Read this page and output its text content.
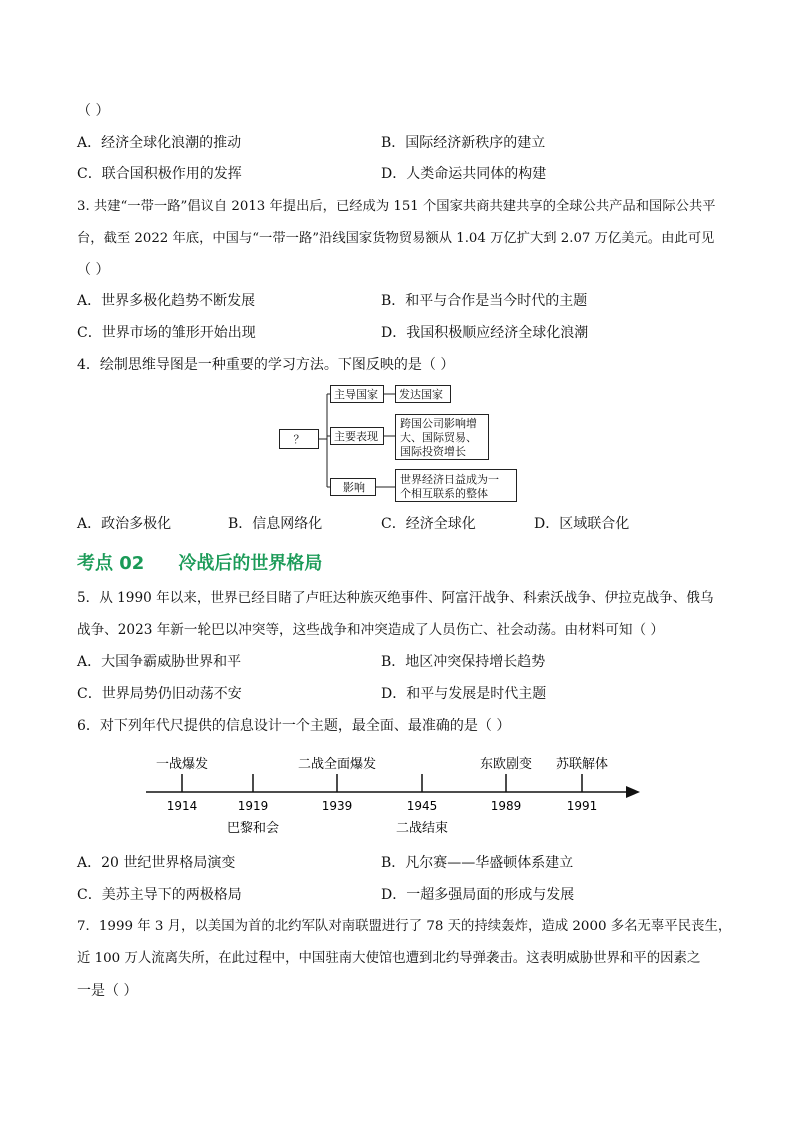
（ ）
A．经济全球化浪潮的推动	B．国际经济新秩序的建立
C．联合国积极作用的发挥	D．人类命运共同体的构建
3. 共建“一带一路”倡议自 2013 年提出后，已经成为 151 个国家共商共建共享的全球公共产品和国际公共平
台，截至 2022 年底，中国与“一带一路”沿线国家货物贸易额从 1.04 万亿扩大到 2.07 万亿美元。由此可见
（ ）
A．世界多极化趋势不断发展	B．和平与合作是当今时代的主题
C．世界市场的雏形开始出现	D．我国积极顺应经济全球化浪潮
4．绘制思维导图是一种重要的学习方法。下图反映的是（ ）
？
主导国家 发达国家
主要表现
跨国公司影响增
大、国际贸易、
国际投资增长
影响
世界经济日益成为一
个相互联系的整体
A．政治多极化	B．信息网络化	C．经济全球化	D．区域联合化
考点 02 冷战后的世界格局
5．从 1990 年以来，世界已经目睹了卢旺达种族灭绝事件、阿富汗战争、科索沃战争、伊拉克战争、俄乌
战争、2023 年新一轮巴以冲突等，这些战争和冲突造成了人员伤亡、社会动荡。由材料可知（ ）
A．大国争霸威胁世界和平	B．地区冲突保持增长趋势
C．世界局势仍旧动荡不安	D．和平与发展是时代主题
6．对下列年代尺提供的信息设计一个主题，最全面、最准确的是（ ）
1914
一战爆发
1919
巴黎和会
1939
二战全面爆发
1945
二战结束
1989
东欧剧变
1991
苏联解体
A．20 世纪世界格局演变	B．凡尔赛——华盛顿体系建立
C．美苏主导下的两极格局	D．一超多强局面的形成与发展
7．1999 年 3 月，以美国为首的北约军队对南联盟进行了 78 天的持续轰炸，造成 2000 多名无辜平民丧生，
近 100 万人流离失所，在此过程中，中国驻南大使馆也遭到北约导弹袭击。这表明威胁世界和平的因素之
一是（ ）
